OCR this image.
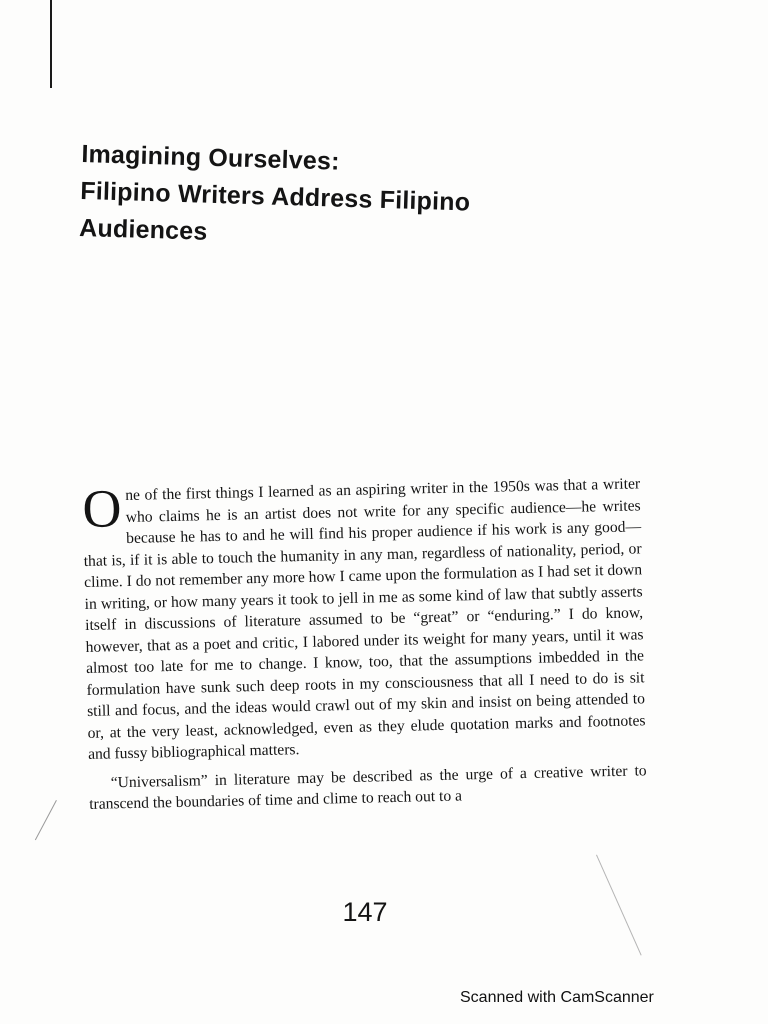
Imagining Ourselves:
Filipino Writers Address Filipino
Audiences

One of the first things I learned as an aspiring writer in the 1950s was that a writer who claims he is an artist does not write for any specific audience—he writes because he has to and he will find his proper audience if his work is any good—that is, if it is able to touch the humanity in any man, regardless of nationality, period, or clime. I do not remember any more how I came upon the formulation as I had set it down in writing, or how many years it took to jell in me as some kind of law that subtly asserts itself in discussions of literature assumed to be “great” or “enduring.” I do know, however, that as a poet and critic, I labored under its weight for many years, until it was almost too late for me to change. I know, too, that the assumptions imbedded in the formulation have sunk such deep roots in my consciousness that all I need to do is sit still and focus, and the ideas would crawl out of my skin and insist on being attended to or, at the very least, acknowledged, even as they elude quotation marks and footnotes and fussy bibliographical matters.

“Universalism” in literature may be described as the urge of a creative writer to transcend the boundaries of time and clime to reach out to a

147
Scanned with CamScanner
